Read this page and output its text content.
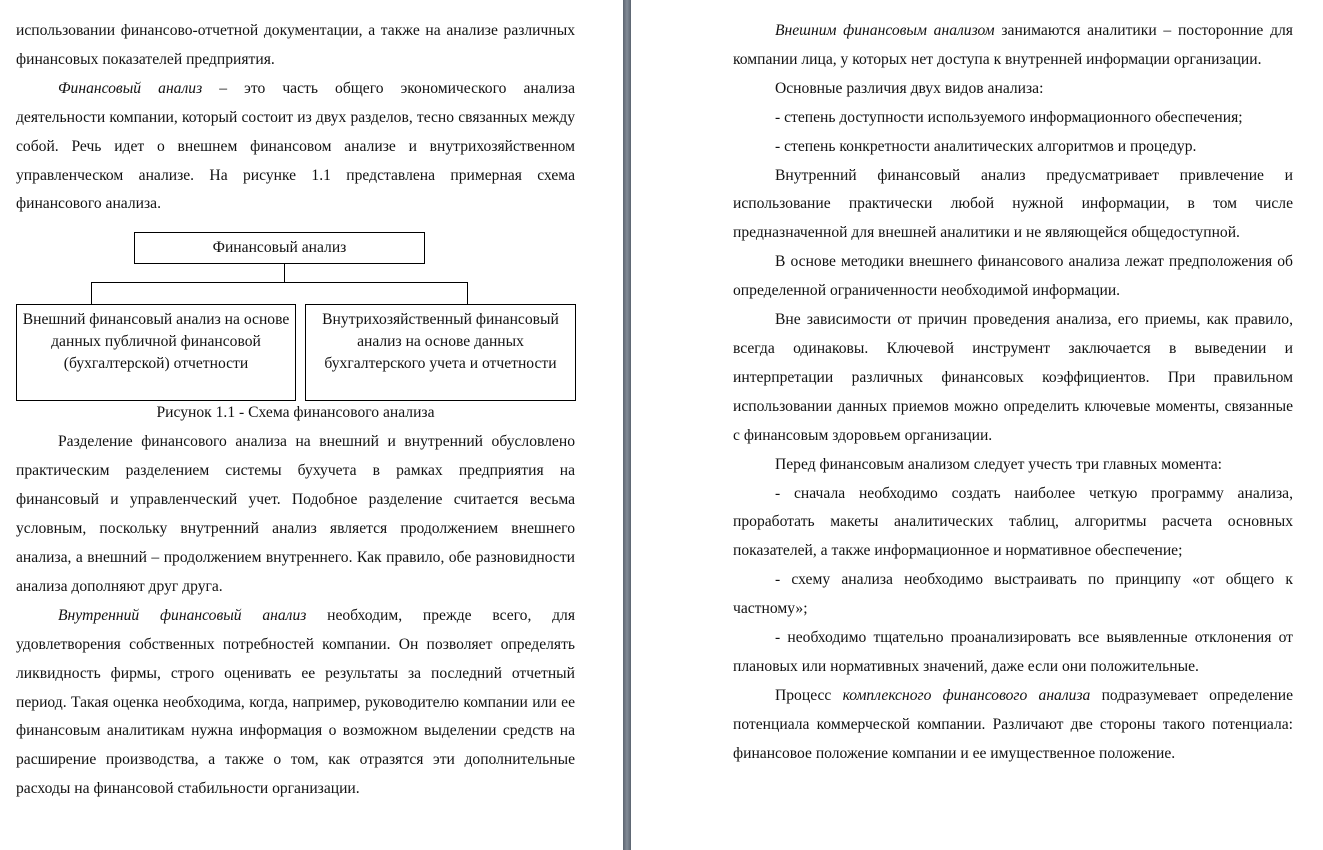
использовании финансово-отчетной документации, а также на анализе различных финансовых показателей предприятия.

Финансовый анализ – это часть общего экономического анализа деятельности компании, который состоит из двух разделов, тесно связанных между собой. Речь идет о внешнем финансовом анализе и внутрихозяйственном управленческом анализе. На рисунке 1.1 представлена примерная схема финансового анализа.

Финансовый анализ
Внешний финансовый анализ на основе данных публичной финансовой (бухгалтерской) отчетности
Внутрихозяйственный финансовый анализ на основе данных бухгалтерского учета и отчетности
Рисунок 1.1 - Схема финансового анализа

Разделение финансового анализа на внешний и внутренний обусловлено практическим разделением системы бухучета в рамках предприятия на финансовый и управленческий учет. Подобное разделение считается весьма условным, поскольку внутренний анализ является продолжением внешнего анализа, а внешний – продолжением внутреннего. Как правило, обе разновидности анализа дополняют друг друга.

Внутренний финансовый анализ необходим, прежде всего, для удовлетворения собственных потребностей компании. Он позволяет определять ликвидность фирмы, строго оценивать ее результаты за последний отчетный период. Такая оценка необходима, когда, например, руководителю компании или ее финансовым аналитикам нужна информация о возможном выделении средств на расширение производства, а также о том, как отразятся эти дополнительные расходы на финансовой стабильности организации.

Внешним финансовым анализом занимаются аналитики – посторонние для компании лица, у которых нет доступа к внутренней информации организации.

Основные различия двух видов анализа:

- степень доступности используемого информационного обеспечения;

- степень конкретности аналитических алгоритмов и процедур.

Внутренний финансовый анализ предусматривает привлечение и использование практически любой нужной информации, в том числе предназначенной для внешней аналитики и не являющейся общедоступной.

В основе методики внешнего финансового анализа лежат предположения об определенной ограниченности необходимой информации.

Вне зависимости от причин проведения анализа, его приемы, как правило, всегда одинаковы. Ключевой инструмент заключается в выведении и интерпретации различных финансовых коэффициентов. При правильном использовании данных приемов можно определить ключевые моменты, связанные с финансовым здоровьем организации.

Перед финансовым анализом следует учесть три главных момента:

- сначала необходимо создать наиболее четкую программу анализа, проработать макеты аналитических таблиц, алгоритмы расчета основных показателей, а также информационное и нормативное обеспечение;

- схему анализа необходимо выстраивать по принципу «от общего к частному»;

- необходимо тщательно проанализировать все выявленные отклонения от плановых или нормативных значений, даже если они положительные.

Процесс комплексного финансового анализа подразумевает определение потенциала коммерческой компании. Различают две стороны такого потенциала: финансовое положение компании и ее имущественное положение.
